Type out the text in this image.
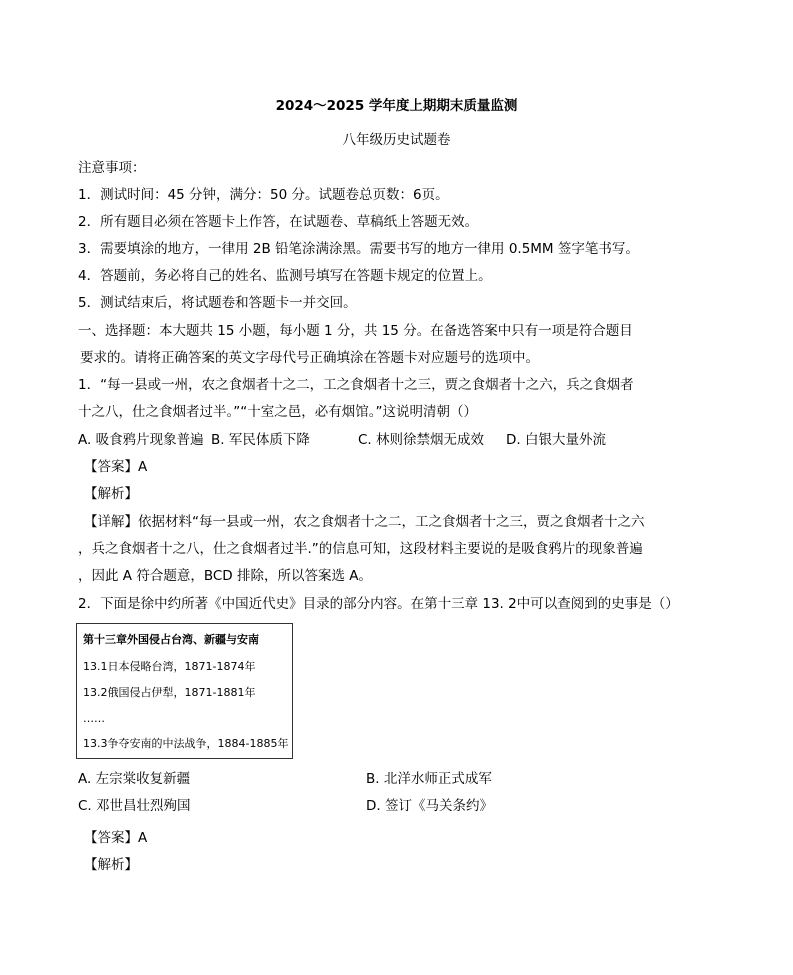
2024～2025 学年度上期期末质量监测
八年级历史试题卷
注意事项：
1．测试时间：45 分钟，满分：50 分。试题卷总页数：6页。
2．所有题目必须在答题卡上作答，在试题卷、草稿纸上答题无效。
3．需要填涂的地方，一律用 2B 铅笔涂满涂黑。需要书写的地方一律用 0.5MM 签字笔书写。
4．答题前，务必将自己的姓名、监测号填写在答题卡规定的位置上。
5．测试结束后，将试题卷和答题卡一并交回。
一、选择题：本大题共 15 小题，每小题 1 分，共 15 分。在备选答案中只有一项是符合题目
要求的。请将正确答案的英文字母代号正确填涂在答题卡对应题号的选项中。
1．“每一县或一州，农之食烟者十之二，工之食烟者十之三，贾之食烟者十之六，兵之食烟者
十之八，仕之食烟者过半。”“十室之邑，必有烟馆。”这说明清朝（）
A. 吸食鸦片现象普遍 B. 军民体质下降	C. 林则徐禁烟无成效 D. 白银大量外流
【答案】A
【解析】
【详解】依据材料“每一县或一州，农之食烟者十之二，工之食烟者十之三，贾之食烟者十之六
，兵之食烟者十之八，仕之食烟者过半.”的信息可知，这段材料主要说的是吸食鸦片的现象普遍
，因此 A 符合题意，BCD 排除，所以答案选 A。
2．下面是徐中约所著《中国近代史》目录的部分内容。在第十三章 13. 2中可以查阅到的史事是（）
第十三章外国侵占台湾、新疆与安南
13.1日本侵略台湾，1871-1874年
13.2俄国侵占伊犁，1871-1881年
……
13.3争夺安南的中法战争，1884-1885年
A. 左宗棠收复新疆	B. 北洋水师正式成军
C. 邓世昌壮烈殉国	D. 签订《马关条约》
【答案】A
【解析】
